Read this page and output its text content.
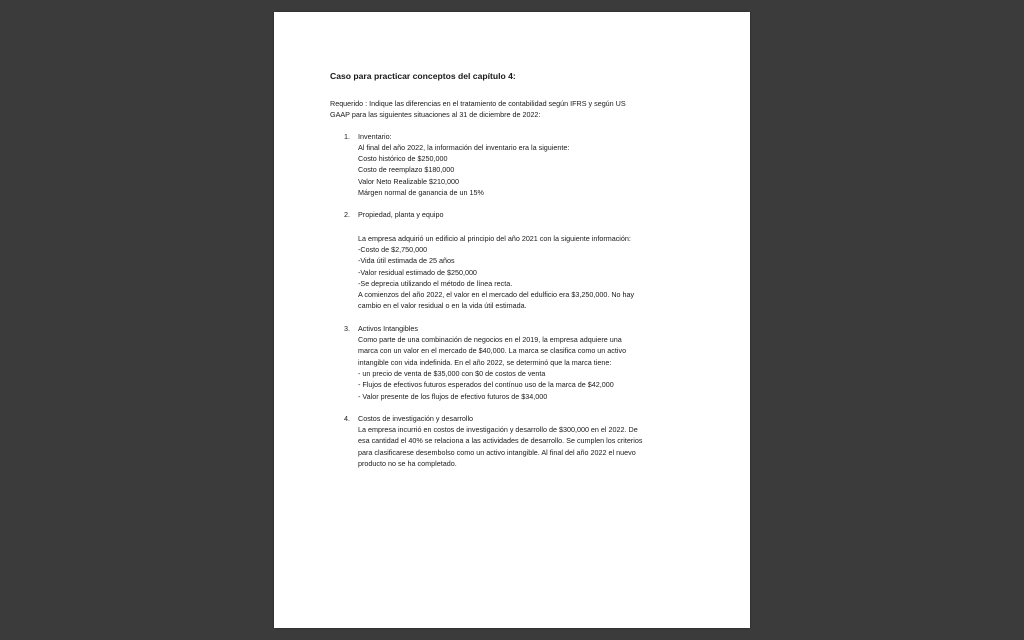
Caso para practicar conceptos del capítulo 4:

Requerido : Indique las diferencias en el tratamiento de contabilidad según IFRS y según US

GAAP para las siguientes situaciones al 31 de diciembre de 2022:

1. Inventario:
Al final del año 2022, la información del inventario era la siguiente:
Costo histórico de $250,000
Costo de reemplazo $180,000
Valor Neto Realizable $210,000
Márgen normal de ganancia de un 15%
2. Propiedad, planta y equipo
La empresa adquirió un edificio al principio del año 2021 con la siguiente información:
-Costo de $2,750,000
-Vida útil estimada de 25 años
-Valor residual estimado de $250,000
-Se deprecia utilizando el método de línea recta.
A comienzos del año 2022, el valor en el mercado del edulficio era $3,250,000. No hay
cambio en el valor residual o en la vida útil estimada.
3. Activos Intangibles
Como parte de una combinación de negocios en el 2019, la empresa adquiere una
marca con un valor en el mercado de $40,000. La marca se clasifica como un activo
intangible con vida indefinida. En el año 2022, se determinó que la marca tiene:
- un precio de venta de $35,000 con $0 de costos de venta
- Flujos de efectivos futuros esperados del contínuo uso de la marca de $42,000
- Valor presente de los flujos de efectivo futuros de $34,000
4. Costos de investigación y desarrollo
La empresa incurrió en costos de investigación y desarrollo de $300,000 en el 2022. De
esa cantidad el 40% se relaciona a las actividades de desarrollo. Se cumplen los criterios
para clasificarese desembolso como un activo intangible. Al final del año 2022 el nuevo
producto no se ha completado.
